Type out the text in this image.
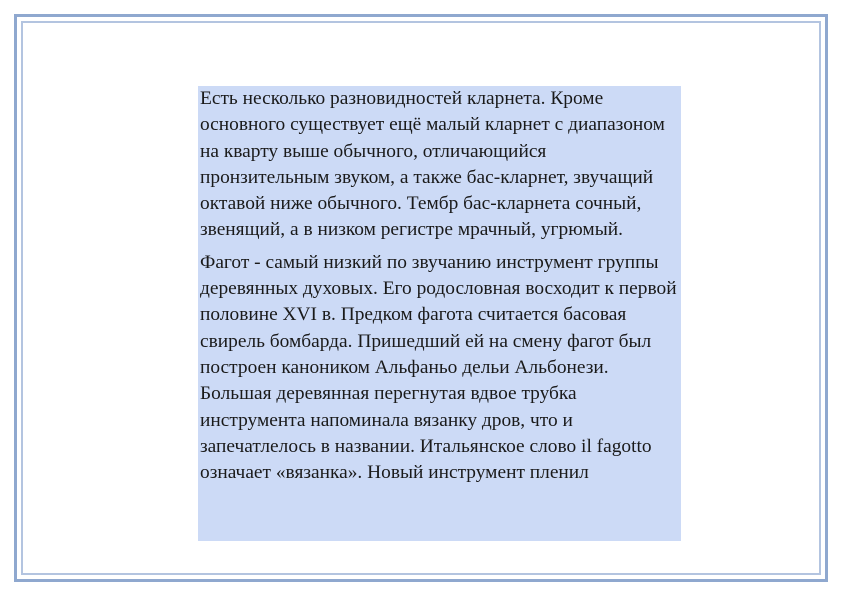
Есть несколько разновидностей кларнета. Кроме основного существует ещё малый кларнет с диапазоном на кварту выше обычного, отличающийся пронзительным звуком, а также бас-кларнет, звучащий октавой ниже обычного. Тембр бас-кларнета сочный, звенящий, а в низком регистре мрачный, угрюмый.

Фагот - самый низкий по звучанию инструмент группы деревянных духовых. Его родословная восходит к первой половине XVI в. Предком фагота считается басовая свирель бомбарда. Пришедший ей на смену фагот был построен каноником Альфаньо дельи Альбонези. Большая деревянная перегнутая вдвое трубка инструмента напоминала вязанку дров, что и запечатлелось в названии. Итальянское слово il fagotto означает «вязанка». Новый инструмент пленил
